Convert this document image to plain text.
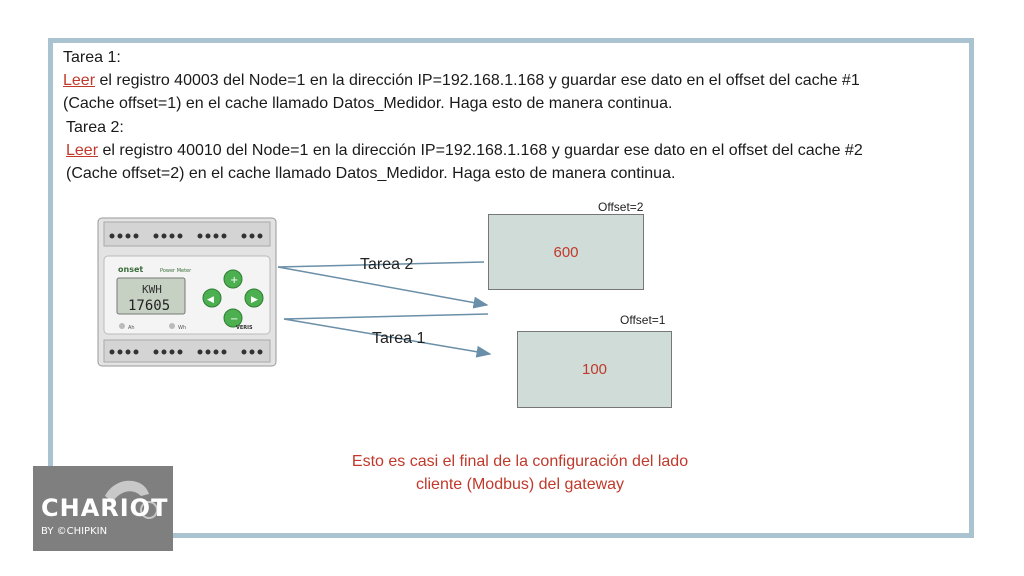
Tarea 1:
Leer el registro 40003 del Node=1 en la dirección IP=192.168.1.168 y guardar ese dato en el offset del cache #1
(Cache offset=1) en el cache llamado Datos_Medidor. Haga esto de manera continua.
Tarea 2:
Leer el registro 40010 del Node=1 en la dirección IP=192.168.1.168 y guardar ese dato en el offset del cache #2
(Cache offset=2) en el cache llamado Datos_Medidor. Haga esto de manera continua.
onset	Power Meter
KWH
17605
Ah	Wh
+
−
◀	▶
VERIS
Tarea 2
Tarea 1
Offset=2
600
Offset=1
100
Esto es casi el final de la configuración del lado
cliente (Modbus) del gateway
CHARIOT
BY ©CHIPKIN
